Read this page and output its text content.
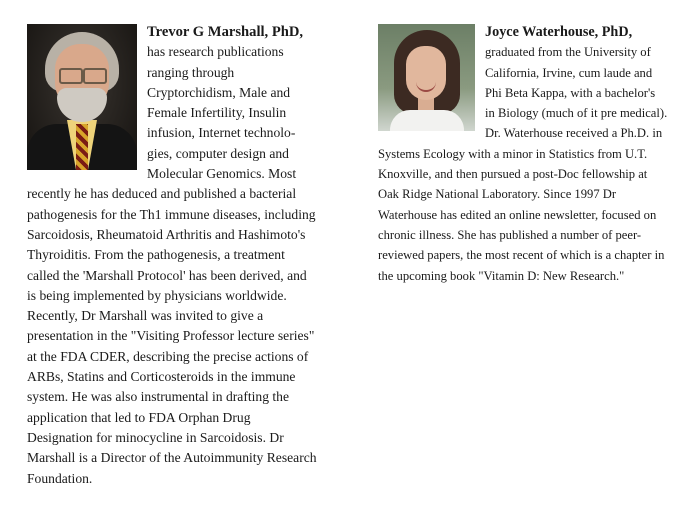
Trevor G Marshall, PhD,
has research publications ranging through Cryptorchidism, Male and Female Infertility, Insulin infusion, Internet technolo-gies, computer design and Molecular Genomics. Most recently he has deduced and published a bacterial pathogenesis for the Th1 immune diseases, including Sarcoidosis, Rheumatoid Arthritis and Hashimoto's Thyroiditis. From the pathogenesis, a treatment called the 'Marshall Protocol' has been derived, and is being implemented by physicians worldwide. Recently, Dr Marshall was invited to give a presentation in the "Visiting Professor lecture series" at the FDA CDER, describing the precise actions of ARBs, Statins and Corticosteroids in the immune system. He was also instrumental in drafting the application that led to FDA Orphan Drug Designation for minocycline in Sarcoidosis. Dr Marshall is a Director of the Autoimmunity Research Foundation.

Joyce Waterhouse, PhD,
graduated from the University of California, Irvine, cum laude and Phi Beta Kappa, with a bachelor's in Biology (much of it pre medical). Dr. Waterhouse received a Ph.D. in Systems Ecology with a minor in Statistics from U.T. Knoxville, and then pursued a post-Doc fellowship at Oak Ridge National Laboratory. Since 1997 Dr Waterhouse has edited an online newsletter, focused on chronic illness. She has published a number of peer-reviewed papers, the most recent of which is a chapter in the upcoming book "Vitamin D: New Research."
